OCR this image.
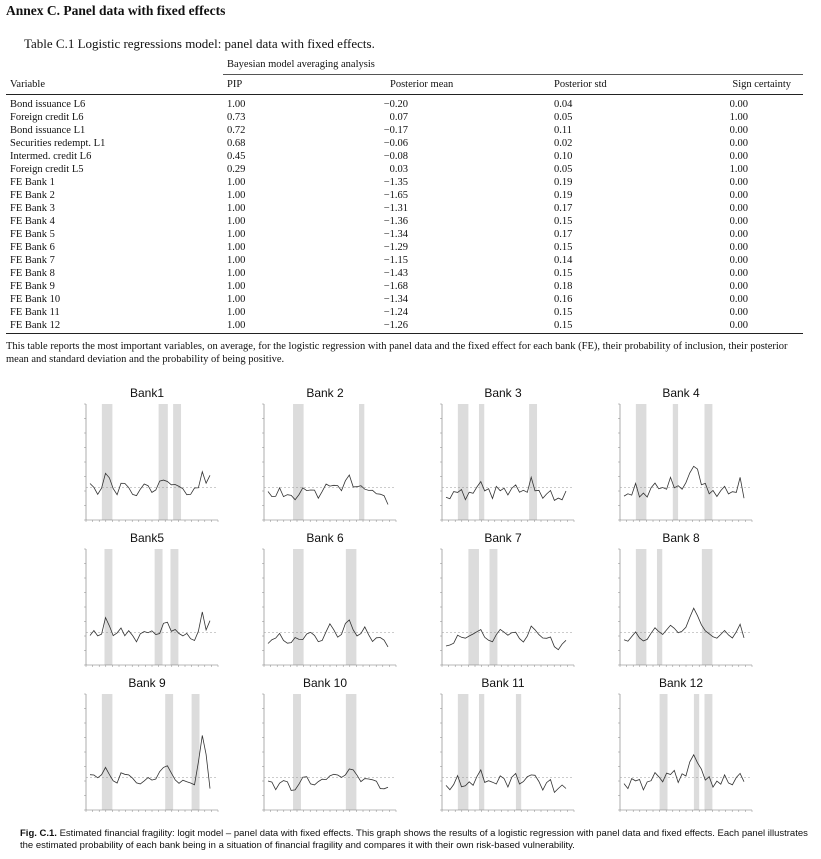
Annex C. Panel data with fixed effects
Table C.1 Logistic regressions model: panel data with fixed effects.
	Bayesian model averaging analysis			
Variable	PIP	Posterior mean	Posterior std	Sign certainty
Bond issuance L6	1.00	−0.20	0.04	0.00
Foreign credit L6	0.73	0.07	0.05	1.00
Bond issuance L1	0.72	−0.17	0.11	0.00
Securities redempt. L1	0.68	−0.06	0.02	0.00
Intermed. credit L6	0.45	−0.08	0.10	0.00
Foreign credit L5	0.29	0.03	0.05	1.00
FE Bank 1	1.00	−1.35	0.19	0.00
FE Bank 2	1.00	−1.65	0.19	0.00
FE Bank 3	1.00	−1.31	0.17	0.00
FE Bank 4	1.00	−1.36	0.15	0.00
FE Bank 5	1.00	−1.34	0.17	0.00
FE Bank 6	1.00	−1.29	0.15	0.00
FE Bank 7	1.00	−1.15	0.14	0.00
FE Bank 8	1.00	−1.43	0.15	0.00
FE Bank 9	1.00	−1.68	0.18	0.00
FE Bank 10	1.00	−1.34	0.16	0.00
FE Bank 11	1.00	−1.24	0.15	0.00
FE Bank 12	1.00	−1.26	0.15	0.00
This table reports the most important variables, on average, for the logistic regression with panel data and the fixed effect for each bank (FE), their probability of inclusion, their posterior mean and standard deviation and the probability of being positive.
Bank1	Bank 2	Bank 3	Bank 4
Bank5	Bank 6	Bank 7	Bank 8
Bank 9	Bank 10	Bank 11	Bank 12
Fig. C.1. Estimated financial fragility: logit model – panel data with fixed effects. This graph shows the results of a logistic regression with panel data and fixed effects. Each panel illustrates the estimated probability of each bank being in a situation of financial fragility and compares it with their own risk-based vulnerability.
